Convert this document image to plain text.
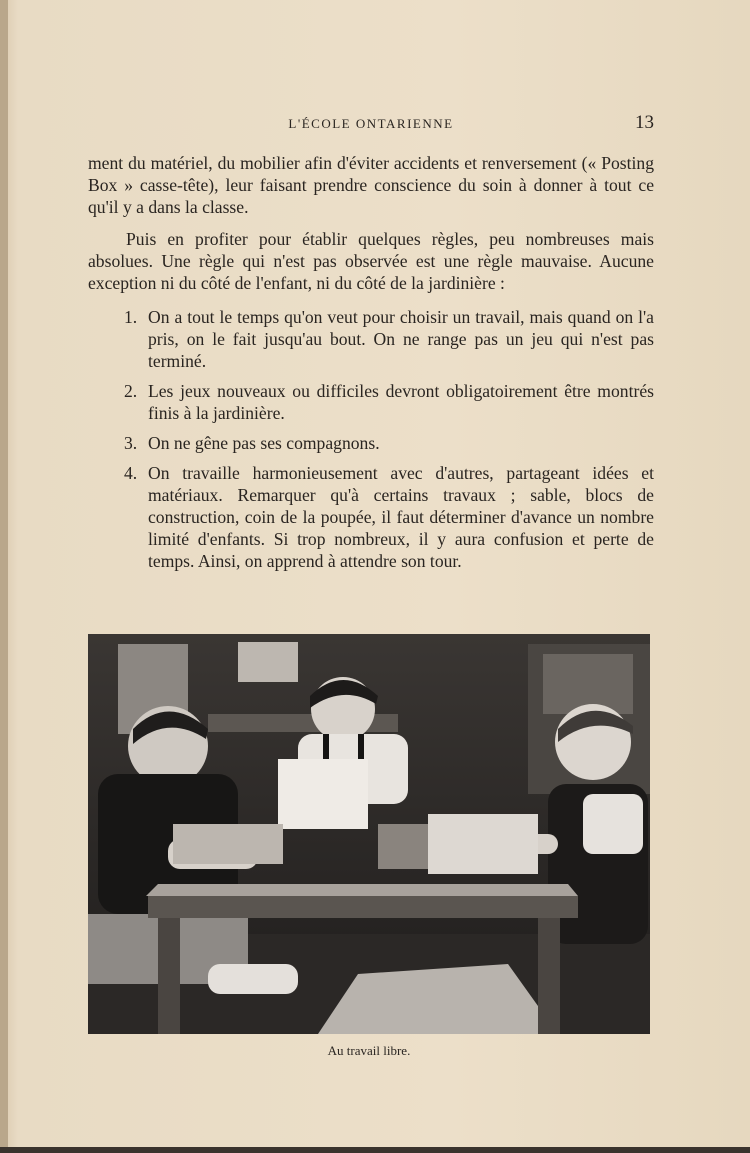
L'ÉCOLE ONTARIENNE	13

ment du matériel, du mobilier afin d'éviter accidents et renversement (« Posting Box » casse-tête), leur faisant prendre conscience du soin à donner à tout ce qu'il y a dans la classe.

Puis en profiter pour établir quelques règles, peu nombreuses mais absolues. Une règle qui n'est pas observée est une règle mauvaise. Aucune exception ni du côté de l'enfant, ni du côté de la jardinière :

1. On a tout le temps qu'on veut pour choisir un travail, mais quand on l'a pris, on le fait jusqu'au bout. On ne range pas un jeu qui n'est pas terminé.
2. Les jeux nouveaux ou difficiles devront obligatoirement être montrés finis à la jardinière.
3. On ne gêne pas ses compagnons.
4. On travaille harmonieusement avec d'autres, partageant idées et matériaux. Remarquer qu'à certains travaux ; sable, blocs de construction, coin de la poupée, il faut déterminer d'avance un nombre limité d'enfants. Si trop nombreux, il y aura confusion et perte de temps. Ainsi, on apprend à attendre son tour.
Au travail libre.
